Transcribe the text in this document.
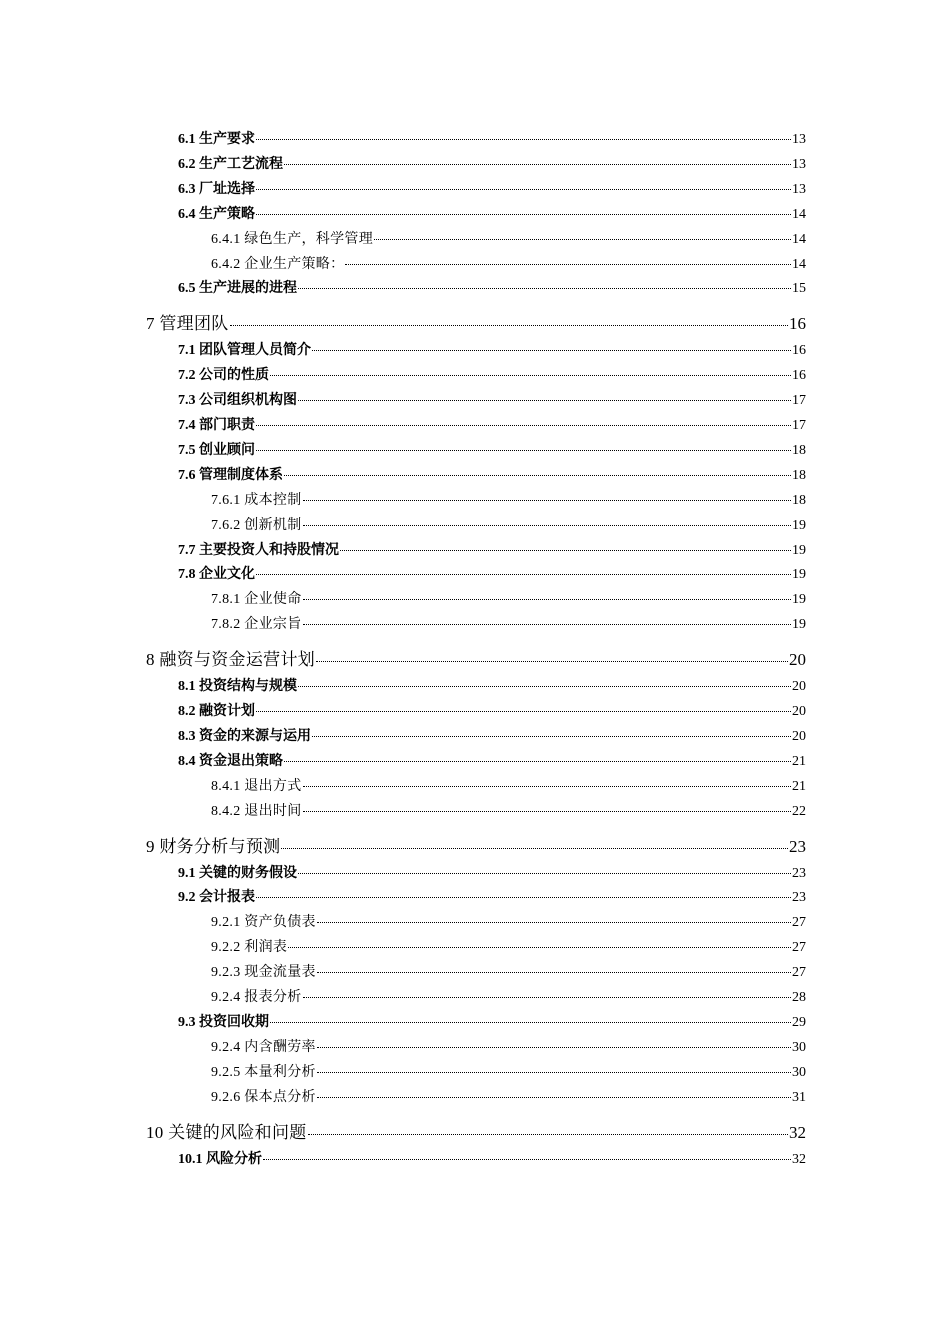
6.1 生产要求	13
6.2 生产工艺流程	13
6.3 厂址选择	13
6.4 生产策略	14
6.4.1 绿色生产，科学管理	14
6.4.2 企业生产策略：	14
6.5 生产进展的进程	15
7 管理团队	16
7.1 团队管理人员简介	16
7.2 公司的性质	16
7.3 公司组织机构图	17
7.4 部门职责	17
7.5 创业顾问	18
7.6 管理制度体系	18
7.6.1 成本控制	18
7.6.2 创新机制	19
7.7 主要投资人和持股情况	19
7.8 企业文化	19
7.8.1 企业使命	19
7.8.2 企业宗旨	19
8 融资与资金运营计划	20
8.1 投资结构与规模	20
8.2 融资计划	20
8.3 资金的来源与运用	20
8.4 资金退出策略	21
8.4.1 退出方式	21
8.4.2 退出时间	22
9 财务分析与预测	23
9.1 关键的财务假设	23
9.2 会计报表	23
9.2.1 资产负债表	27
9.2.2 利润表	27
9.2.3 现金流量表	27
9.2.4 报表分析	28
9.3 投资回收期	29
9.2.4 内含酬劳率	30
9.2.5 本量利分析	30
9.2.6 保本点分析	31
10 关键的风险和问题	32
10.1 风险分析	32
